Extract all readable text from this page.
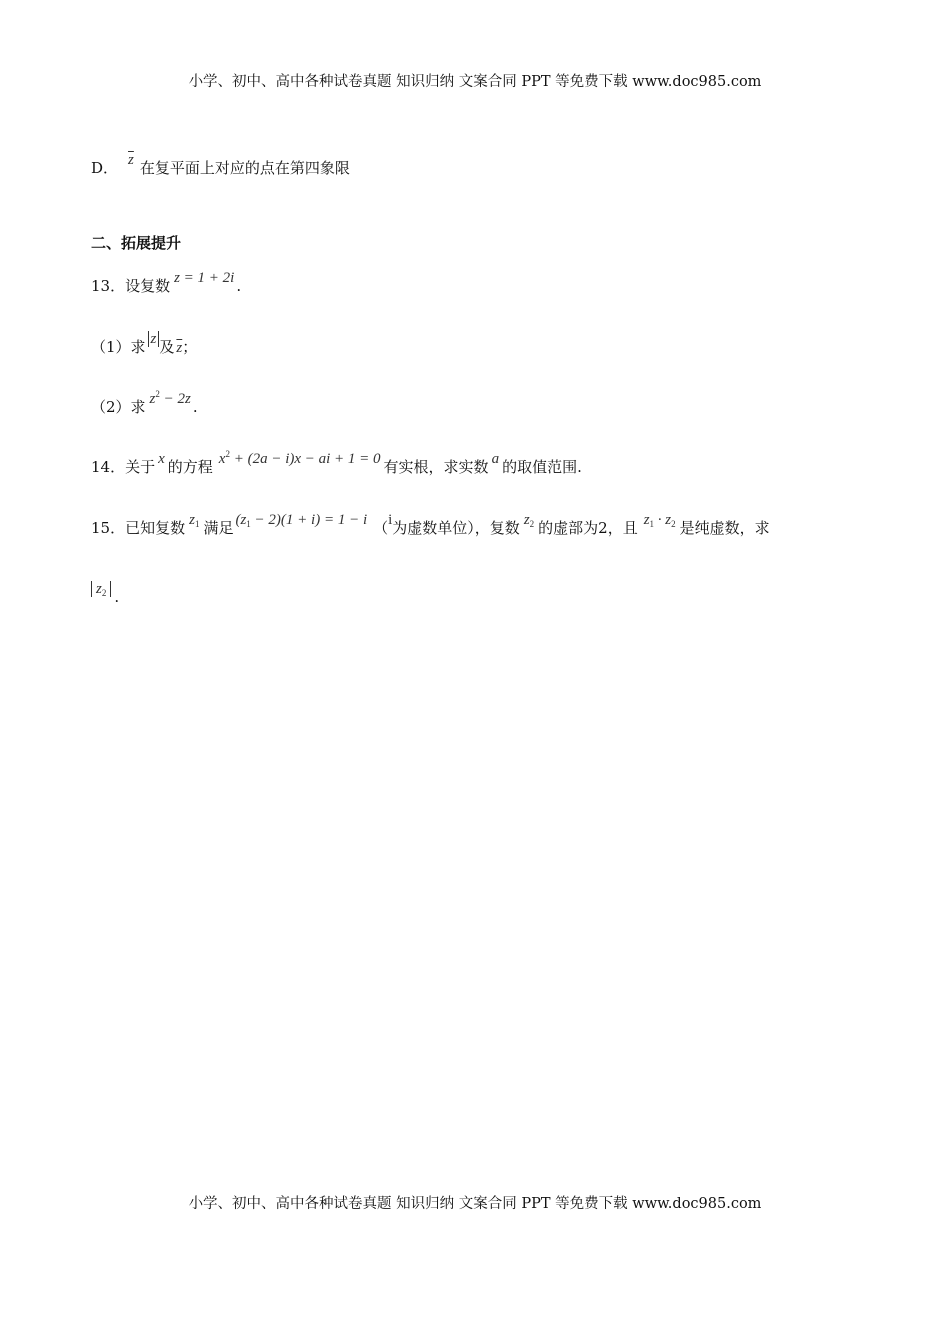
小学、初中、高中各种试卷真题 知识归纳 文案合同 PPT 等免费下载 www.doc985.com
D． $\overline{z}$ 在复平面上对应的点在第四象限
二、拓展提升
13．设复数 z = 1 + 2i .
（1）求 z 及 $\overline{z}$；
（2）求 $z^2 - 2z$ .
14．关于 x 的方程 $x^2 + (2a - i)x$ − ai + 1 = 0 有实根，求实数 a 的取值范围.
15．已知复数 $z_1$ 满足 $(z_1 - 2)(1 + i) = 1 - i$ （i为虚数单位），复数 $z_2$ 的虚部为2，且 $z_1 \cdot z_2$ 是纯虚数，求
$z_2$ .
小学、初中、高中各种试卷真题 知识归纳 文案合同 PPT 等免费下载 www.doc985.com
